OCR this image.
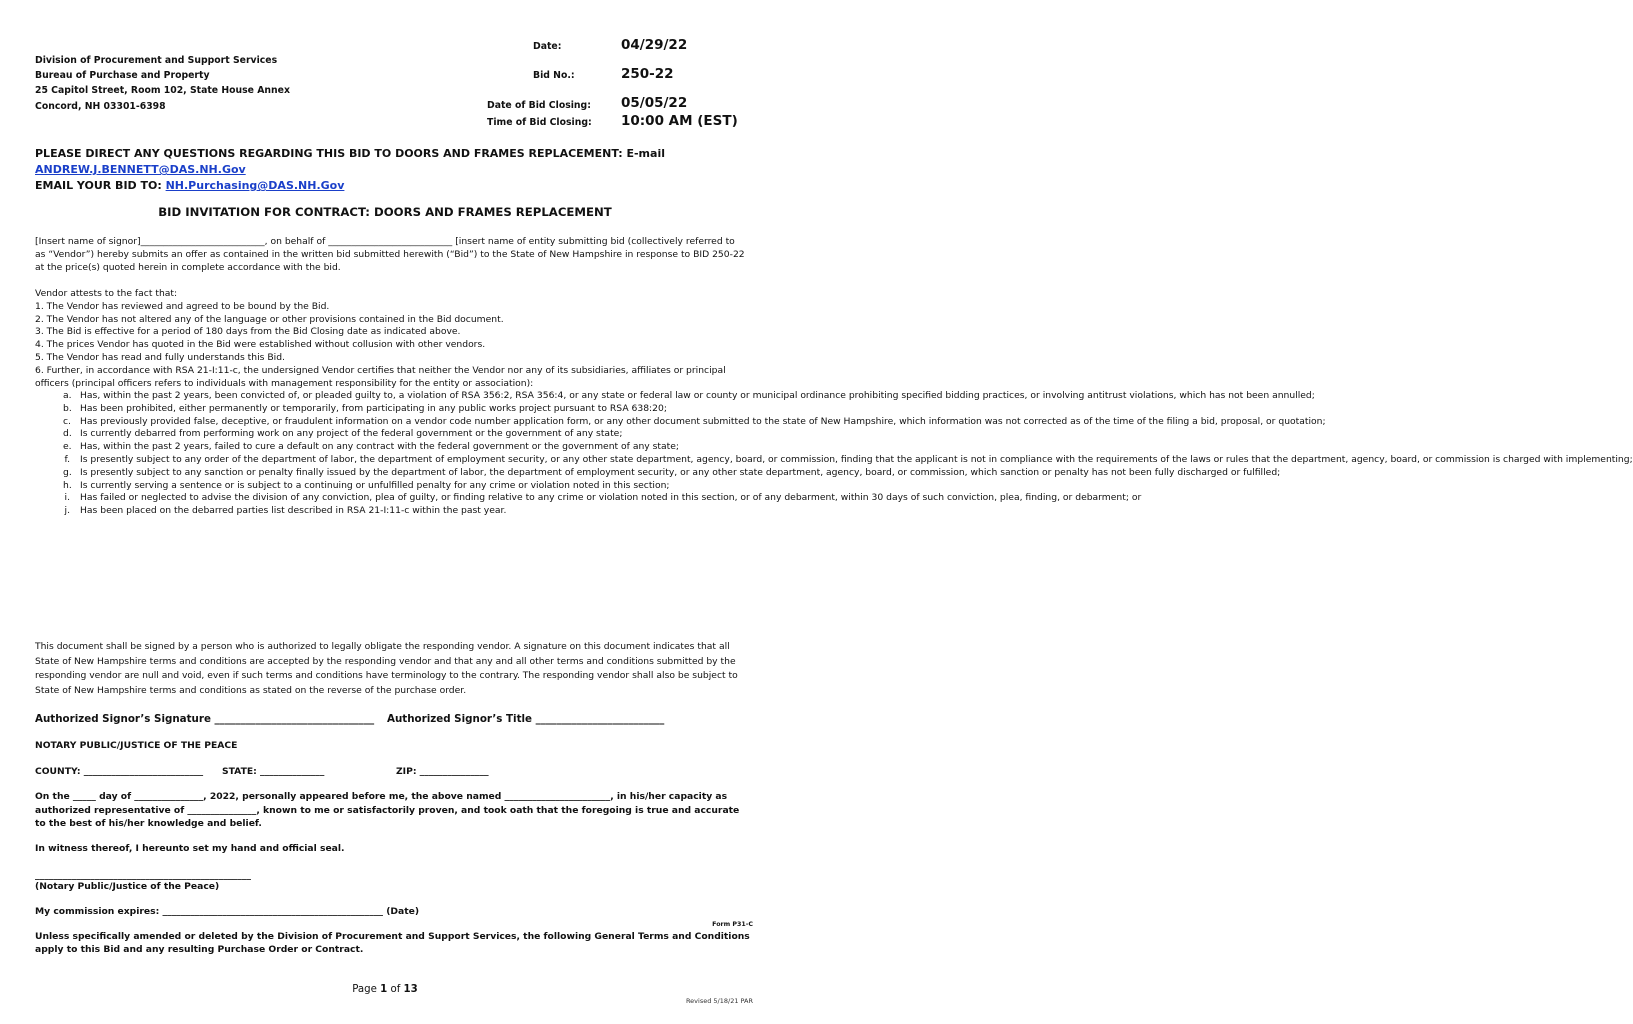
Division of Procurement and Support Services
Bureau of Purchase and Property
25 Capitol Street, Room 102, State House Annex
Concord, NH 03301-6398
Date:	04/29/22
Bid No.:	250-22
Date of Bid Closing: 05/05/22
Time of Bid Closing: 10:00 AM (EST)
PLEASE DIRECT ANY QUESTIONS REGARDING THIS BID TO DOORS AND FRAMES REPLACEMENT: E-mail ANDREW.J.BENNETT@DAS.NH.Gov
EMAIL YOUR BID TO: NH.Purchasing@DAS.NH.Gov
BID INVITATION FOR CONTRACT: DOORS AND FRAMES REPLACEMENT
[Insert name of signor]___________________________, on behalf of ___________________________ [insert name of entity submitting bid (collectively referred to as “Vendor”) hereby submits an offer as contained in the written bid submitted herewith (“Bid”) to the State of New Hampshire in response to BID 250-22 at the price(s) quoted herein in complete accordance with the bid.
Vendor attests to the fact that:
1. The Vendor has reviewed and agreed to be bound by the Bid.
2. The Vendor has not altered any of the language or other provisions contained in the Bid document.
3. The Bid is effective for a period of 180 days from the Bid Closing date as indicated above.
4. The prices Vendor has quoted in the Bid were established without collusion with other vendors.
5. The Vendor has read and fully understands this Bid.
6. Further, in accordance with RSA 21-I:11-c, the undersigned Vendor certifies that neither the Vendor nor any of its subsidiaries, affiliates or principal officers (principal officers refers to individuals with management responsibility for the entity or association):
a. Has, within the past 2 years, been convicted of, or pleaded guilty to, a violation of RSA 356:2, RSA 356:4, or any state or federal law or county or municipal ordinance prohibiting specified bidding practices, or involving antitrust violations, which has not been annulled;
b. Has been prohibited, either permanently or temporarily, from participating in any public works project pursuant to RSA 638:20;
c. Has previously provided false, deceptive, or fraudulent information on a vendor code number application form, or any other document submitted to the state of New Hampshire, which information was not corrected as of the time of the filing a bid, proposal, or quotation;
d. Is currently debarred from performing work on any project of the federal government or the government of any state;
e. Has, within the past 2 years, failed to cure a default on any contract with the federal government or the government of any state;
f.	Is presently subject to any order of the department of labor, the department of employment security, or any other state department, agency, board, or commission, finding that the applicant is not in compliance with the requirements of the laws or rules that the department, agency, board, or commission is charged with implementing;
g. Is presently subject to any sanction or penalty finally issued by the department of labor, the department of employment security, or any other state department, agency, board, or commission, which sanction or penalty has not been fully discharged or fulfilled;
h. Is currently serving a sentence or is subject to a continuing or unfulfilled penalty for any crime or violation noted in this section;
i.	Has failed or neglected to advise the division of any conviction, plea of guilty, or finding relative to any crime or violation noted in this section, or of any debarment, within 30 days of such conviction, plea, finding, or debarment; or
j.	Has been placed on the debarred parties list described in RSA 21-I:11-c within the past year.
This document shall be signed by a person who is authorized to legally obligate the responding vendor. A signature on this document indicates that all State of New Hampshire terms and conditions are accepted by the responding vendor and that any and all other terms and conditions submitted by the responding vendor are null and void, even if such terms and conditions have terminology to the contrary. The responding vendor shall also be subject to State of New Hampshire terms and conditions as stated on the reverse of the purchase order.
Authorized Signor’s Signature _______________________________ Authorized Signor’s Title _________________________
NOTARY PUBLIC/JUSTICE OF THE PEACE
COUNTY: __________________________ STATE: ______________	ZIP: _______________
On the _____ day of _______________, 2022, personally appeared before me, the above named _______________________, in his/her capacity as authorized representative of _______________, known to me or satisfactorily proven, and took oath that the foregoing is true and accurate to the best of his/her knowledge and belief.
In witness thereof, I hereunto set my hand and official seal.
_______________________________________________
(Notary Public/Justice of the Peace)
My commission expires: ________________________________________________ (Date)
Form P31-C
Unless specifically amended or deleted by the Division of Procurement and Support Services, the following General Terms and Conditions apply to this Bid and any resulting Purchase Order or Contract.
Page 1 of 13
Revised 5/18/21 PAR
